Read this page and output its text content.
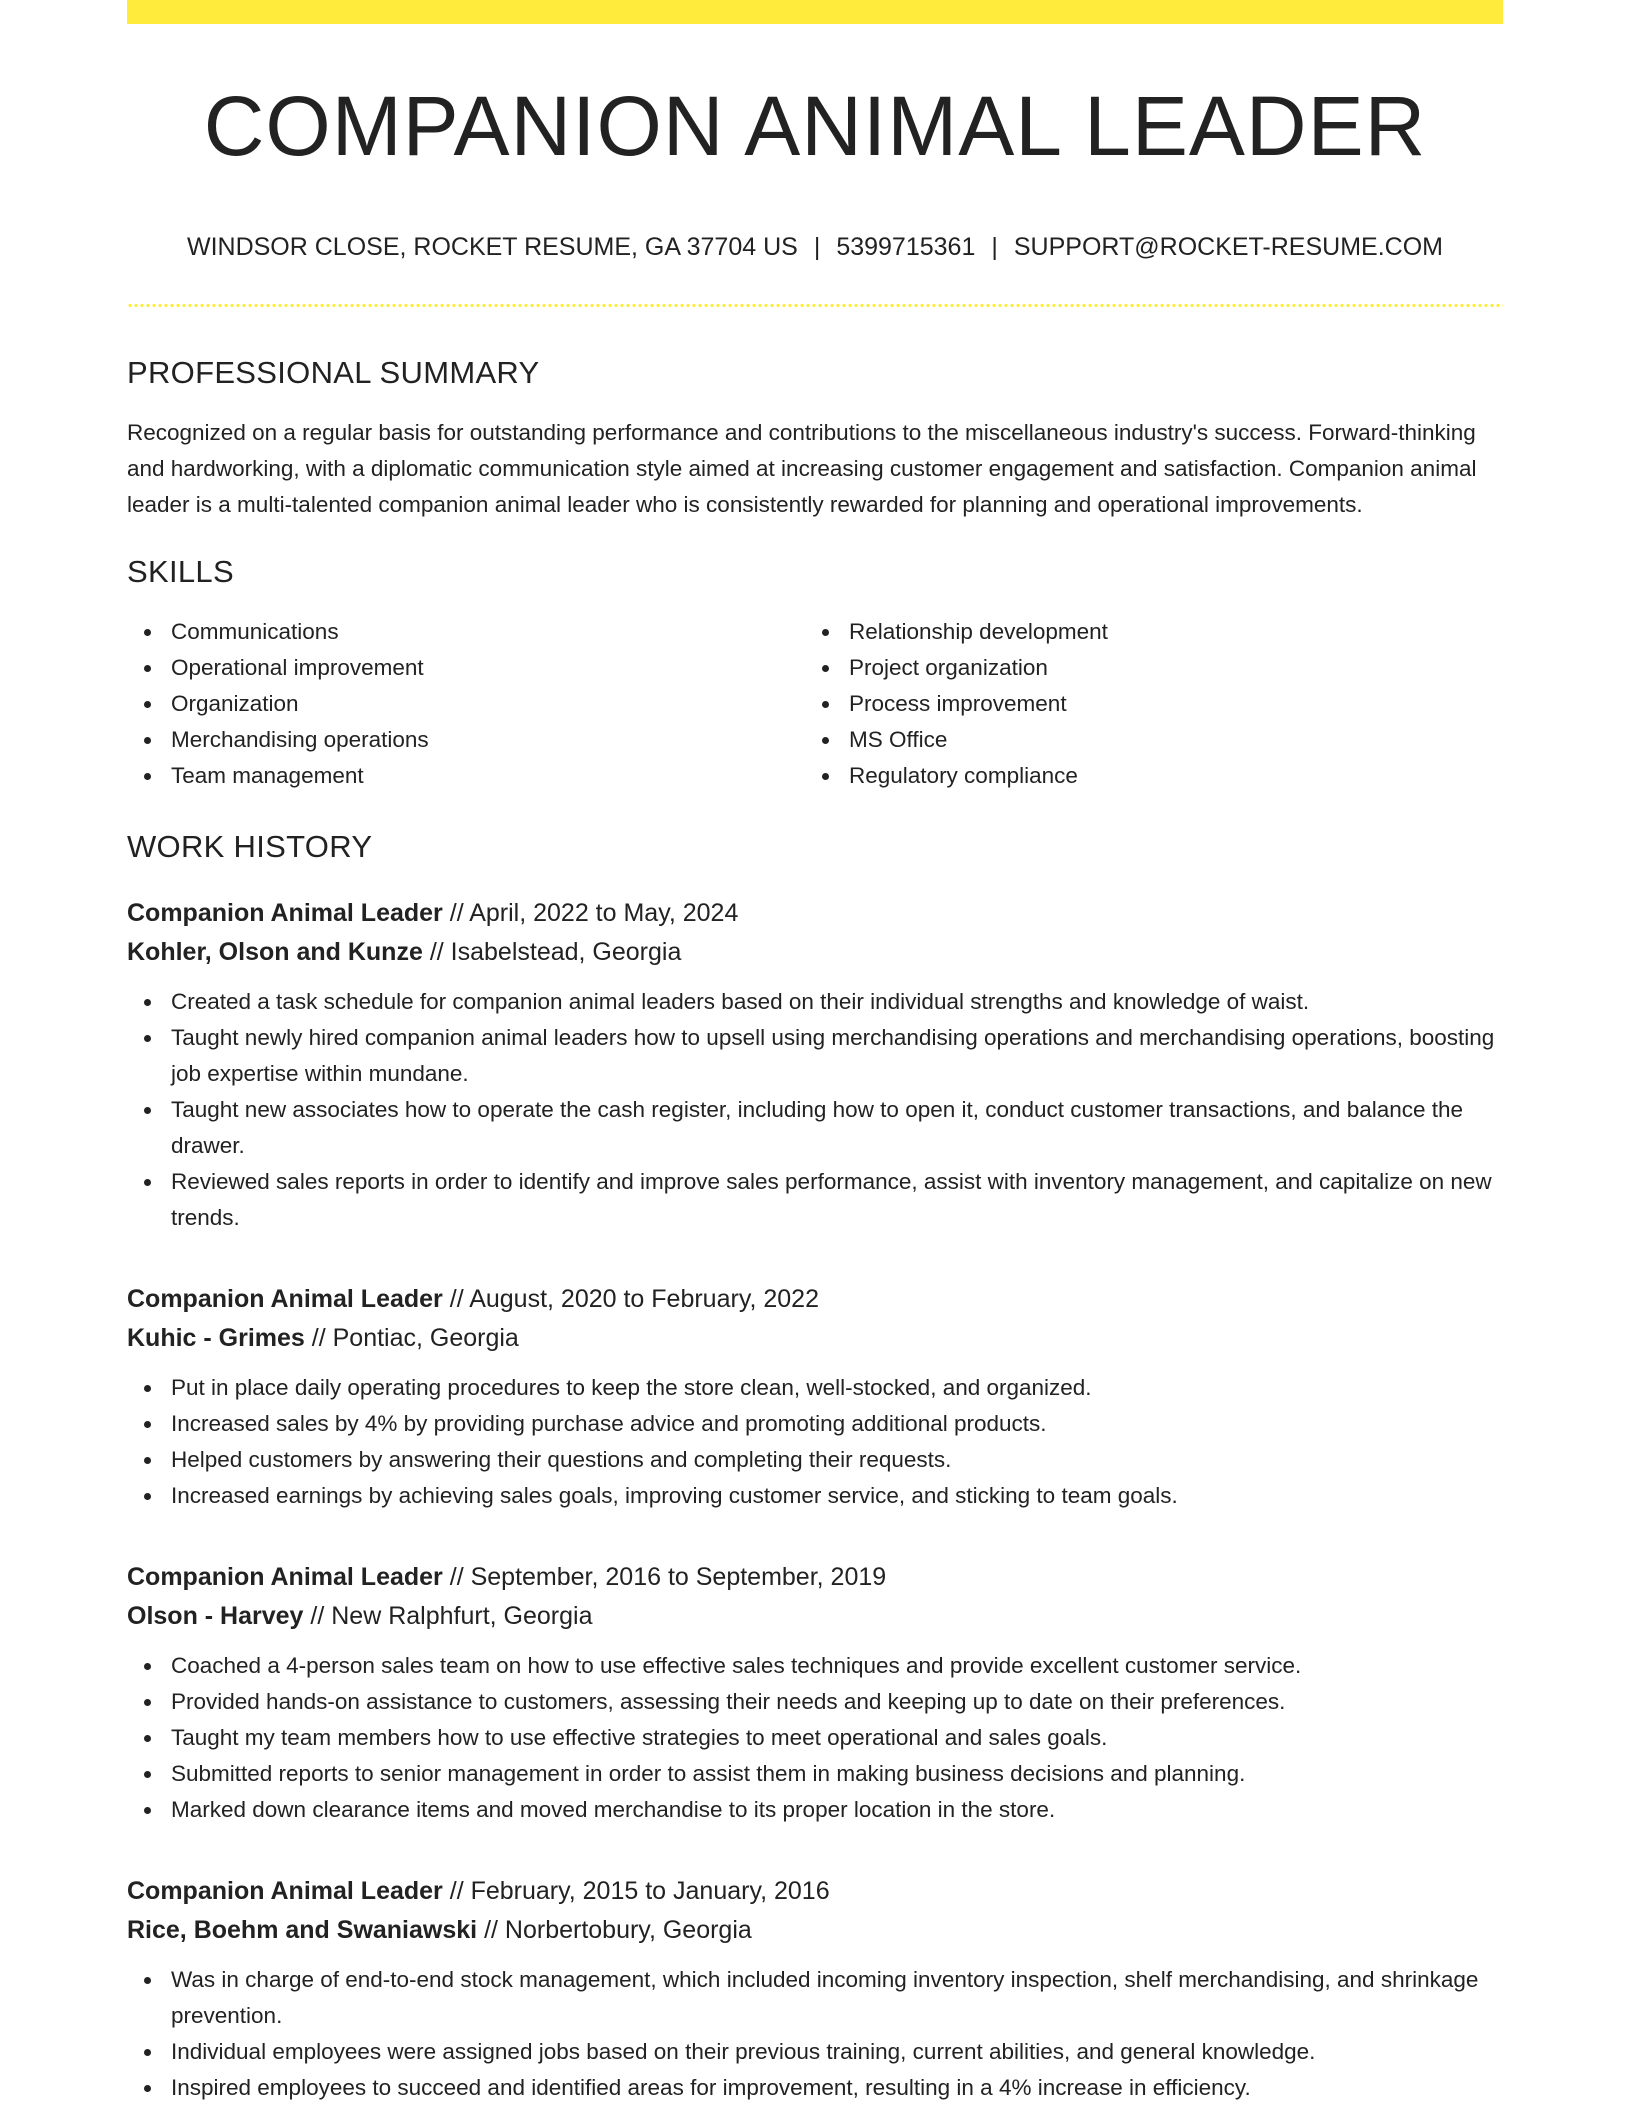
COMPANION ANIMAL LEADER
WINDSOR CLOSE, ROCKET RESUME, GA 37704 US | 5399715361 | SUPPORT@ROCKET-RESUME.COM
PROFESSIONAL SUMMARY

Recognized on a regular basis for outstanding performance and contributions to the miscellaneous industry's success. Forward-thinking and hardworking, with a diplomatic communication style aimed at increasing customer engagement and satisfaction. Companion animal leader is a multi-talented companion animal leader who is consistently rewarded for planning and operational improvements.

SKILLS
Communications
Operational improvement
Organization
Merchandising operations
Team management
Relationship development
Project organization
Process improvement
MS Office
Regulatory compliance
WORK HISTORY
Companion Animal Leader // April, 2022 to May, 2024
Kohler, Olson and Kunze // Isabelstead, Georgia
Created a task schedule for companion animal leaders based on their individual strengths and knowledge of waist.
Taught newly hired companion animal leaders how to upsell using merchandising operations and merchandising operations, boosting job expertise within mundane.
Taught new associates how to operate the cash register, including how to open it, conduct customer transactions, and balance the drawer.
Reviewed sales reports in order to identify and improve sales performance, assist with inventory management, and capitalize on new trends.
Companion Animal Leader // August, 2020 to February, 2022
Kuhic - Grimes // Pontiac, Georgia
Put in place daily operating procedures to keep the store clean, well-stocked, and organized.
Increased sales by 4% by providing purchase advice and promoting additional products.
Helped customers by answering their questions and completing their requests.
Increased earnings by achieving sales goals, improving customer service, and sticking to team goals.
Companion Animal Leader // September, 2016 to September, 2019
Olson - Harvey // New Ralphfurt, Georgia
Coached a 4-person sales team on how to use effective sales techniques and provide excellent customer service.
Provided hands-on assistance to customers, assessing their needs and keeping up to date on their preferences.
Taught my team members how to use effective strategies to meet operational and sales goals.
Submitted reports to senior management in order to assist them in making business decisions and planning.
Marked down clearance items and moved merchandise to its proper location in the store.
Companion Animal Leader // February, 2015 to January, 2016
Rice, Boehm and Swaniawski // Norbertobury, Georgia
Was in charge of end-to-end stock management, which included incoming inventory inspection, shelf merchandising, and shrinkage prevention.
Individual employees were assigned jobs based on their previous training, current abilities, and general knowledge.
Inspired employees to succeed and identified areas for improvement, resulting in a 4% increase in efficiency.
